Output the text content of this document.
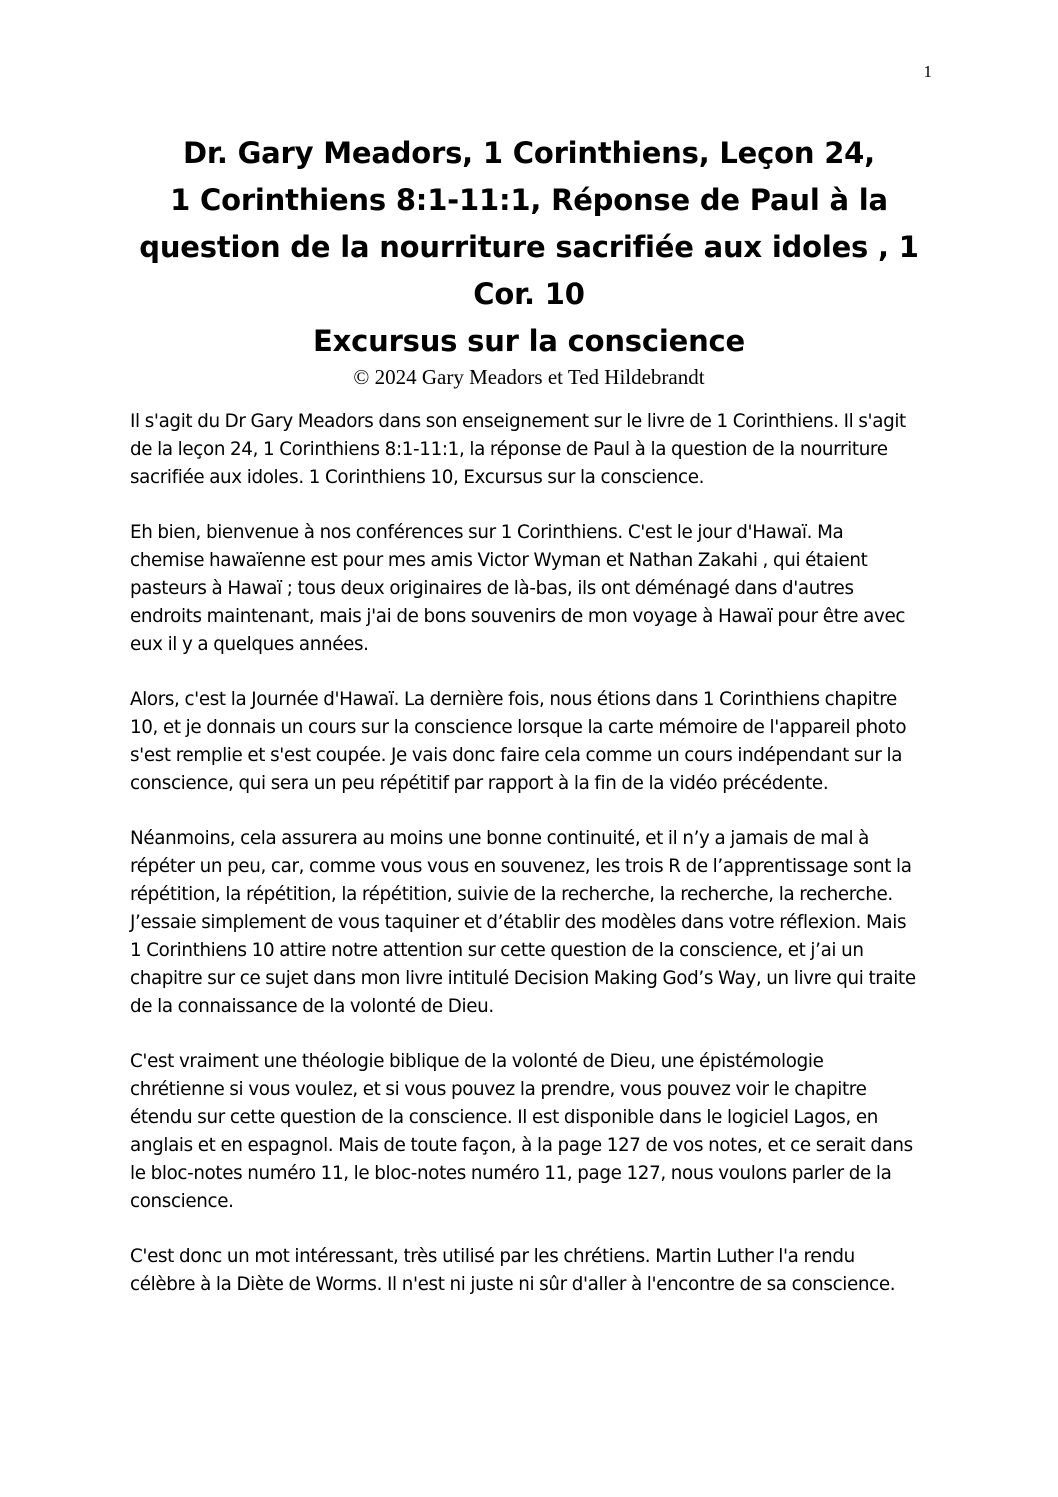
1

Dr. Gary Meadors, 1 Corinthiens, Leçon 24,

1 Corinthiens 8:1-11:1, Réponse de Paul à la

question de la nourriture sacrifiée aux idoles , 1

Cor. 10

Excursus sur la conscience

© 2024 Gary Meadors et Ted Hildebrandt

Il s'agit du Dr Gary Meadors dans son enseignement sur le livre de 1 Corinthiens. Il s'agit de la leçon 24, 1 Corinthiens 8:1-11:1, la réponse de Paul à la question de la nourriture sacrifiée aux idoles. 1 Corinthiens 10, Excursus sur la conscience.

Eh bien, bienvenue à nos conférences sur 1 Corinthiens. C'est le jour d'Hawaï. Ma chemise hawaïenne est pour mes amis Victor Wyman et Nathan Zakahi , qui étaient pasteurs à Hawaï ; tous deux originaires de là-bas, ils ont déménagé dans d'autres endroits maintenant, mais j'ai de bons souvenirs de mon voyage à Hawaï pour être avec eux il y a quelques années.

Alors, c'est la Journée d'Hawaï. La dernière fois, nous étions dans 1 Corinthiens chapitre 10, et je donnais un cours sur la conscience lorsque la carte mémoire de l'appareil photo s'est remplie et s'est coupée. Je vais donc faire cela comme un cours indépendant sur la conscience, qui sera un peu répétitif par rapport à la fin de la vidéo précédente.

Néanmoins, cela assurera au moins une bonne continuité, et il n’y a jamais de mal à répéter un peu, car, comme vous vous en souvenez, les trois R de l’apprentissage sont la répétition, la répétition, la répétition, suivie de la recherche, la recherche, la recherche. J’essaie simplement de vous taquiner et d’établir des modèles dans votre réflexion. Mais 1 Corinthiens 10 attire notre attention sur cette question de la conscience, et j’ai un chapitre sur ce sujet dans mon livre intitulé Decision Making God’s Way, un livre qui traite de la connaissance de la volonté de Dieu.

C'est vraiment une théologie biblique de la volonté de Dieu, une épistémologie chrétienne si vous voulez, et si vous pouvez la prendre, vous pouvez voir le chapitre étendu sur cette question de la conscience. Il est disponible dans le logiciel Lagos, en anglais et en espagnol. Mais de toute façon, à la page 127 de vos notes, et ce serait dans le bloc-notes numéro 11, le bloc-notes numéro 11, page 127, nous voulons parler de la conscience.

C'est donc un mot intéressant, très utilisé par les chrétiens. Martin Luther l'a rendu célèbre à la Diète de Worms. Il n'est ni juste ni sûr d'aller à l'encontre de sa conscience.
